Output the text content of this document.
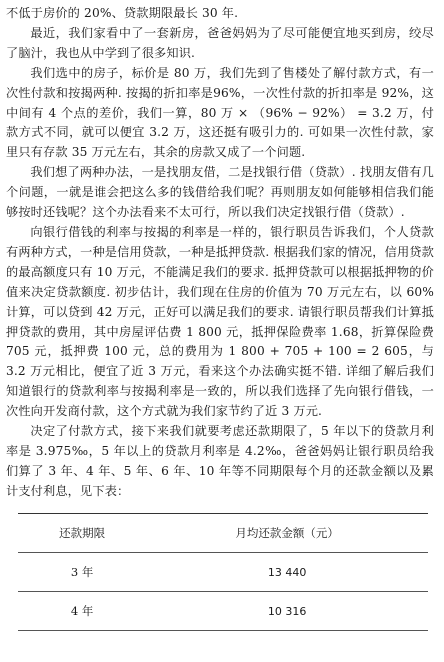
不低于房价的 20%、贷款期限最长 30 年.

最近，我们家看中了一套新房，爸爸妈妈为了尽可能便宜地买到房，绞尽了脑汁，我也从中学到了很多知识.

我们选中的房子，标价是 80 万，我们先到了售楼处了解付款方式，有一次性付款和按揭两种. 按揭的折扣率是96%，一次性付款的折扣率是 92%，这中间有 4 个点的差价，我们一算，80 万 × （96% − 92%） = 3.2 万，付款方式不同，就可以便宜 3.2 万，这还挺有吸引力的. 可如果一次性付款，家里只有存款 35 万元左右，其余的房款又成了一个问题.

我们想了两种办法，一是找朋友借，二是找银行借（贷款）. 找朋友借有几个问题，一就是谁会把这么多的钱借给我们呢？再则朋友如何能够相信我们能够按时还钱呢？这个办法看来不太可行，所以我们决定找银行借（贷款）.

向银行借钱的利率与按揭的利率是一样的，银行职员告诉我们，个人贷款有两种方式，一种是信用贷款，一种是抵押贷款. 根据我们家的情况，信用贷款的最高额度只有 10 万元，不能满足我们的要求. 抵押贷款可以根据抵押物的价值来决定贷款额度. 初步估计，我们现在住房的价值为 70 万元左右，以 60% 计算，可以贷到 42 万元，正好可以满足我们的要求. 请银行职员帮我们计算抵押贷款的费用，其中房屋评估费 1 800 元，抵押保险费率 1.68，折算保险费 705 元，抵押费 100 元，总的费用为 1 800 + 705 + 100 = 2 605，与 3.2 万元相比，便宜了近 3 万元，看来这个办法确实挺不错. 详细了解后我们知道银行的贷款利率与按揭利率是一致的，所以我们选择了先向银行借钱，一次性向开发商付款，这个方式就为我们家节约了近 3 万元.

决定了付款方式，接下来我们就要考虑还款期限了，5 年以下的贷款月利率是 3.975‰，5 年以上的贷款月利率是 4.2‰，爸爸妈妈让银行职员给我们算了 3 年、4 年、5 年、6 年、10 年等不同期限每个月的还款金额以及累计支付利息，见下表：

还款期限	月均还款金额（元）
3 年	13 440
4 年	10 316
